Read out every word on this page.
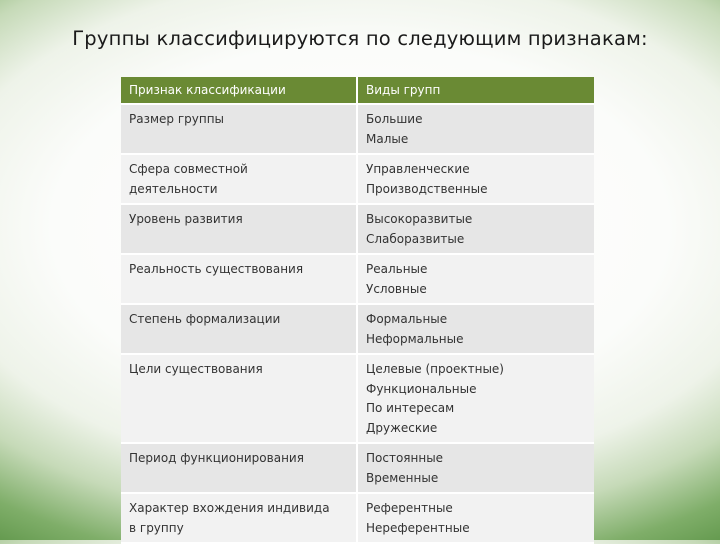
Группы классифицируются по следующим признакам:
Признак классификации	Виды групп

Размер группы	Большие
Малые

Сфера совместной
деятельности	Управленческие
Производственные

Уровень развития	Высокоразвитые
Слаборазвитые

Реальность существования	Реальные
Условные

Степень формализации	Формальные
Неформальные

Цели существования	Целевые (проектные)
Функциональные
По интересам
Дружеские

Период функционирования	Постоянные
Временные

Характер вхождения индивида
в группу	Референтные
Нереферентные
